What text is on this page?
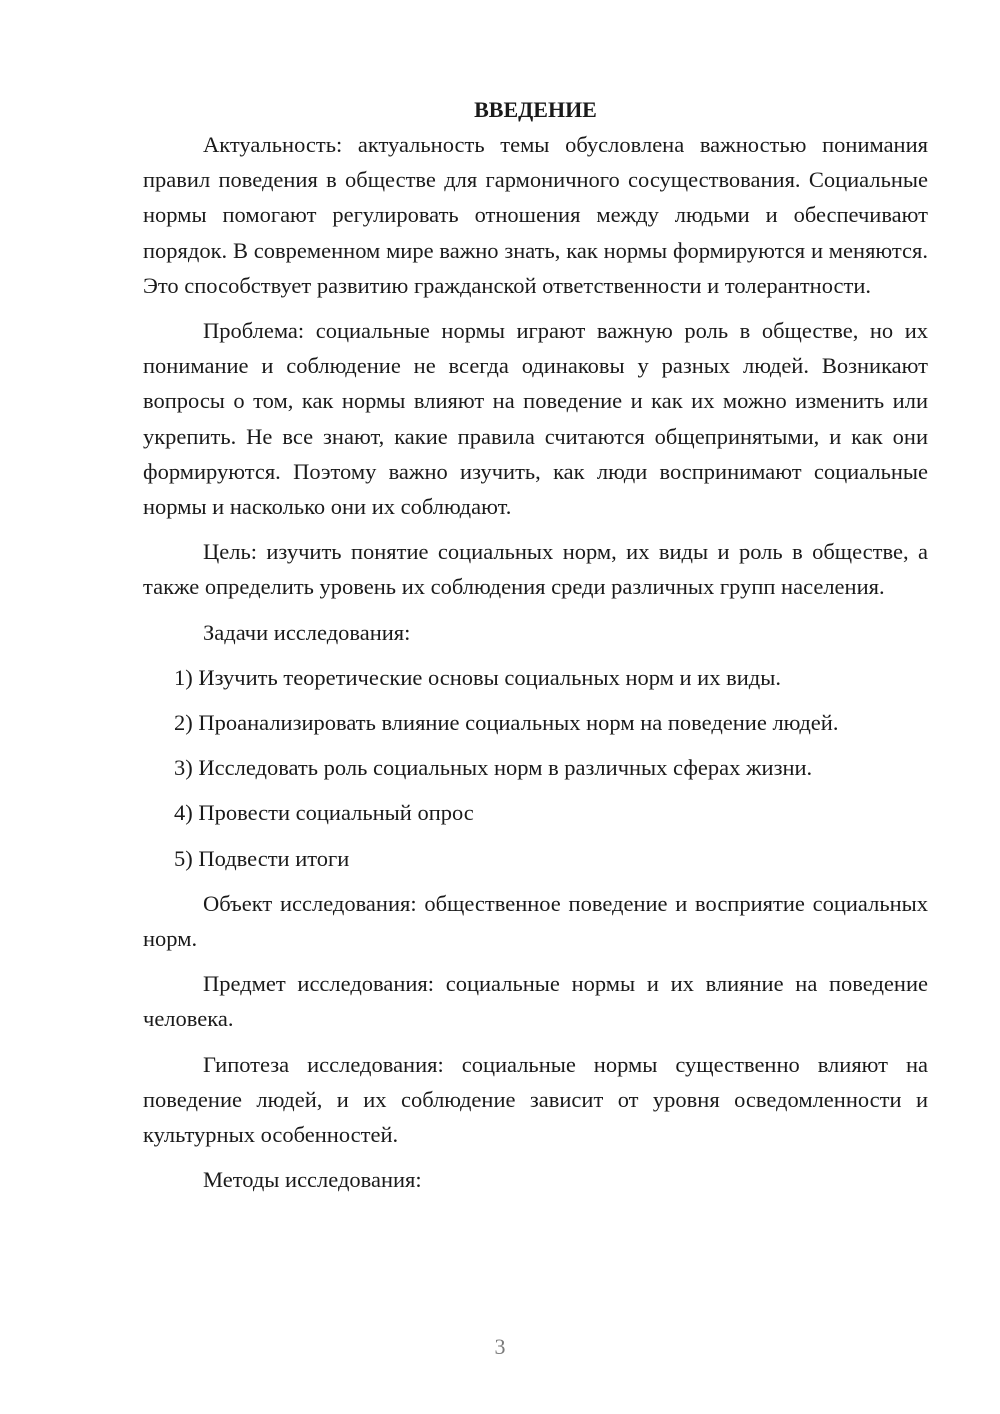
ВВЕДЕНИЕ

Актуальность: актуальность темы обусловлена важностью понимания правил поведения в обществе для гармоничного сосуществования. Социальные нормы помогают регулировать отношения между людьми и обеспечивают порядок. В современном мире важно знать, как нормы формируются и меняются. Это способствует развитию гражданской ответственности и толерантности.

Проблема: социальные нормы играют важную роль в обществе, но их понимание и соблюдение не всегда одинаковы у разных людей. Возникают вопросы о том, как нормы влияют на поведение и как их можно изменить или укрепить. Не все знают, какие правила считаются общепринятыми, и как они формируются. Поэтому важно изучить, как люди воспринимают социальные нормы и насколько они их соблюдают.

Цель: изучить понятие социальных норм, их виды и роль в обществе, а также определить уровень их соблюдения среди различных групп населения.

Задачи исследования:

1) Изучить теоретические основы социальных норм и их виды.
2) Проанализировать влияние социальных норм на поведение людей.
3) Исследовать роль социальных норм в различных сферах жизни.
4) Провести социальный опрос
5) Подвести итоги

Объект исследования: общественное поведение и восприятие социальных норм.

Предмет исследования: социальные нормы и их влияние на поведение человека.

Гипотеза исследования: социальные нормы существенно влияют на поведение людей, и их соблюдение зависит от уровня осведомленности и культурных особенностей.

Методы исследования:

3
